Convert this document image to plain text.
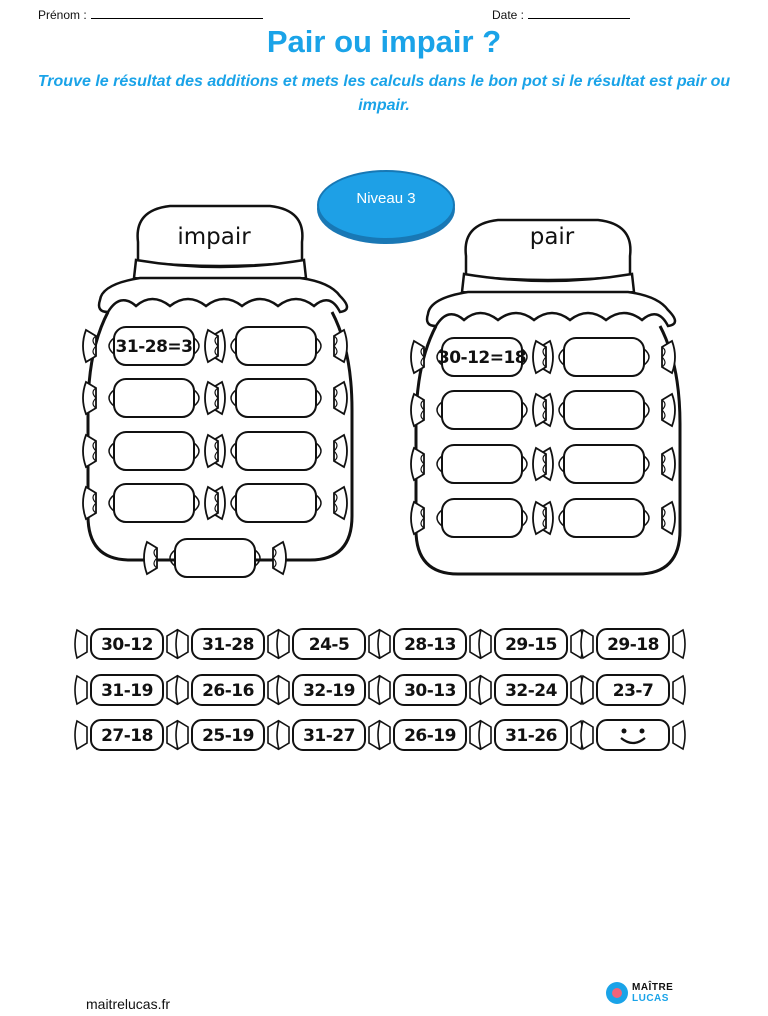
Prénom :	Date :
Pair ou impair ?
Trouve le résultat des additions et mets les calculs dans le bon pot si le résultat est pair ou impair.
impair	pair
31-28=3
30-12=18
30-12	31-28	24-5	28-13	29-15	29-18
31-19	26-16	32-19	30-13	32-24	23-7
27-18	25-19	31-27	26-19	31-26
Niveau 3
maitrelucas.fr
MAÎTRE
LUCAS
